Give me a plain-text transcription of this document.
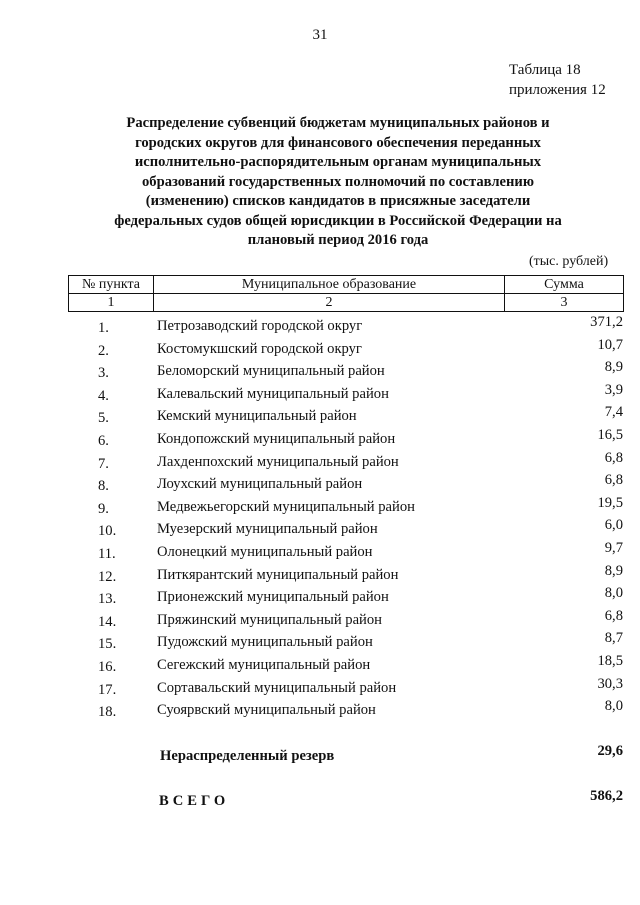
31
Таблица 18
приложения 12
Распределение субвенций бюджетам муниципальных районов и городских округов для финансового обеспечения переданных исполнительно-распорядительным органам муниципальных образований государственных полномочий по составлению (изменению) списков кандидатов в присяжные заседатели федеральных судов общей юрисдикции в Российской Федерации на плановый период 2016 года
(тыс. рублей)
№ пункта	Муниципальное образование	Сумма
1	2	3
1.	Петрозаводский городской округ	371,2
2.	Костомукшский городской округ	10,7
3.	Беломорский муниципальный район	8,9
4.	Калевальский муниципальный район	3,9
5.	Кемский муниципальный район	7,4
6.	Кондопожский муниципальный район	16,5
7.	Лахденпохский муниципальный район	6,8
8.	Лоухский муниципальный район	6,8
9.	Медвежьегорский муниципальный район	19,5
10.	Муезерский муниципальный район	6,0
11.	Олонецкий муниципальный район	9,7
12.	Питкярантский муниципальный район	8,9
13.	Прионежский муниципальный район	8,0
14.	Пряжинский муниципальный район	6,8
15.	Пудожский муниципальный район	8,7
16.	Сегежский муниципальный район	18,5
17.	Сортавальский муниципальный район	30,3
18.	Суоярвский муниципальный район	8,0
Нераспределенный резерв	29,6
ВСЕГО	586,2
